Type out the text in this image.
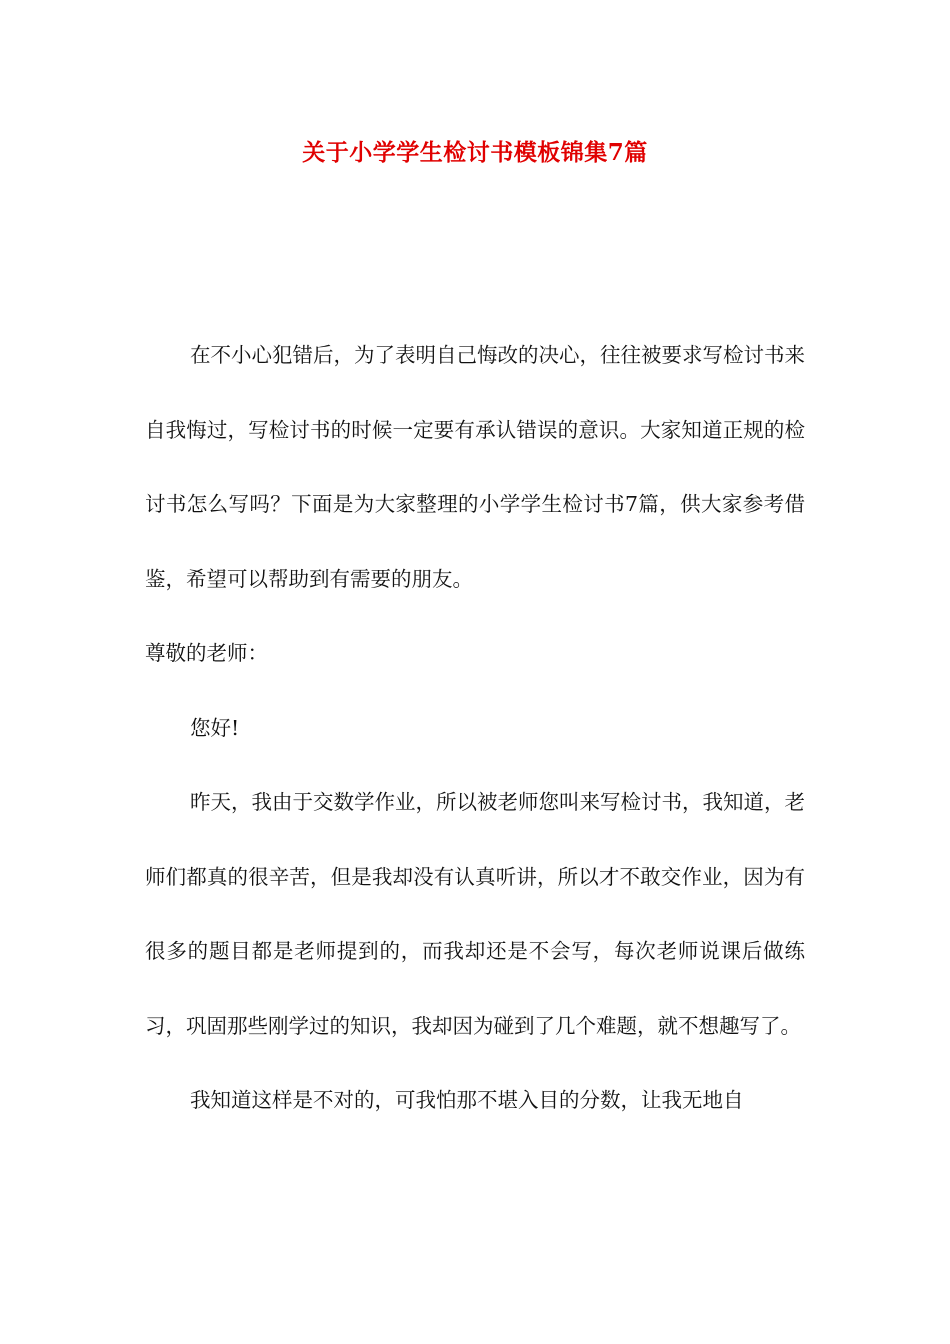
关于小学学生检讨书模板锦集7篇

在不小心犯错后，为了表明自己悔改的决心，往往被要求写检讨书来自我悔过，写检讨书的时候一定要有承认错误的意识。大家知道正规的检讨书怎么写吗？下面是为大家整理的小学学生检讨书7篇，供大家参考借鉴，希望可以帮助到有需要的朋友。

尊敬的老师：

您好!

昨天，我由于交数学作业，所以被老师您叫来写检讨书，我知道，老师们都真的很辛苦，但是我却没有认真听讲，所以才不敢交作业，因为有很多的题目都是老师提到的，而我却还是不会写，每次老师说课后做练习，巩固那些刚学过的知识，我却因为碰到了几个难题，就不想趣写了。

我知道这样是不对的，可我怕那不堪入目的分数，让我无地自
